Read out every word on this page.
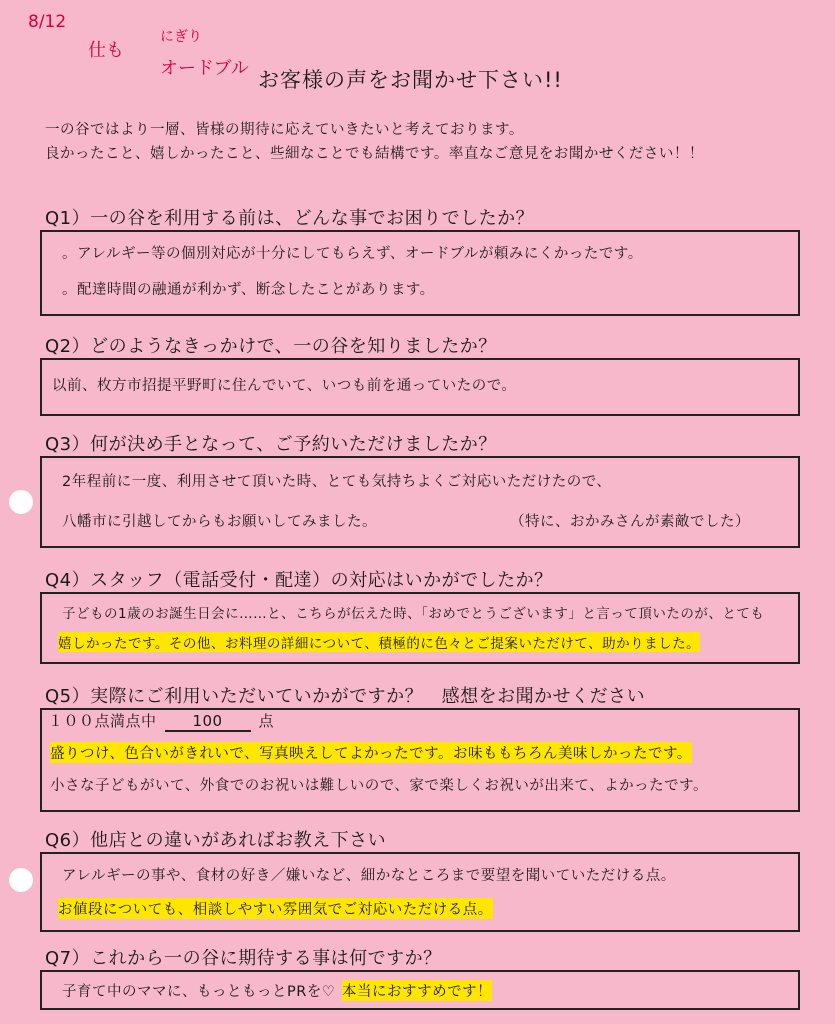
8/12
仕も
にぎり
オードブル お客様の声をお聞かせ下さい!!
一の谷ではより一層、皆様の期待に応えていきたいと考えております。
良かったこと、嬉しかったこと、些細なことでも結構です。率直なご意見をお聞かせください！！
Q1）一の谷を利用する前は、どんな事でお困りでしたか？
。アレルギー等の個別対応が十分にしてもらえず、オードブルが頼みにくかったです。
。配達時間の融通が利かず、断念したことがあります。
Q2）どのようなきっかけで、一の谷を知りましたか？
以前、枚方市招提平野町に住んでいて、いつも前を通っていたので。
Q3）何が決め手となって、ご予約いただけましたか？
2年程前に一度、利用させて頂いた時、とても気持ちよくご対応いただけたので、
八幡市に引越してからもお願いしてみました。	（特に、おかみさんが素敵でした）
Q4）スタッフ（電話受付・配達）の対応はいかがでしたか？
子どもの1歳のお誕生日会に……と、こちらが伝えた時、「おめでとうございます」と言って頂いたのが、とても
嬉しかったです。その他、お料理の詳細について、積極的に色々とご提案いただけて、助かりました。
Q5）実際にご利用いただいていかがですか？　感想をお聞かせください
１００点満点中 100 点
盛りつけ、色合いがきれいで、写真映えしてよかったです。お味ももちろん美味しかったです。
小さな子どもがいて、外食でのお祝いは難しいので、家で楽しくお祝いが出来て、よかったです。
Q6）他店との違いがあればお教え下さい
アレルギーの事や、食材の好き／嫌いなど、細かなところまで要望を聞いていただける点。
お値段についても、相談しやすい雰囲気でご対応いただける点。
Q7）これから一の谷に期待する事は何ですか？
子育て中のママに、もっともっとPRを♡ 本当におすすめです！
